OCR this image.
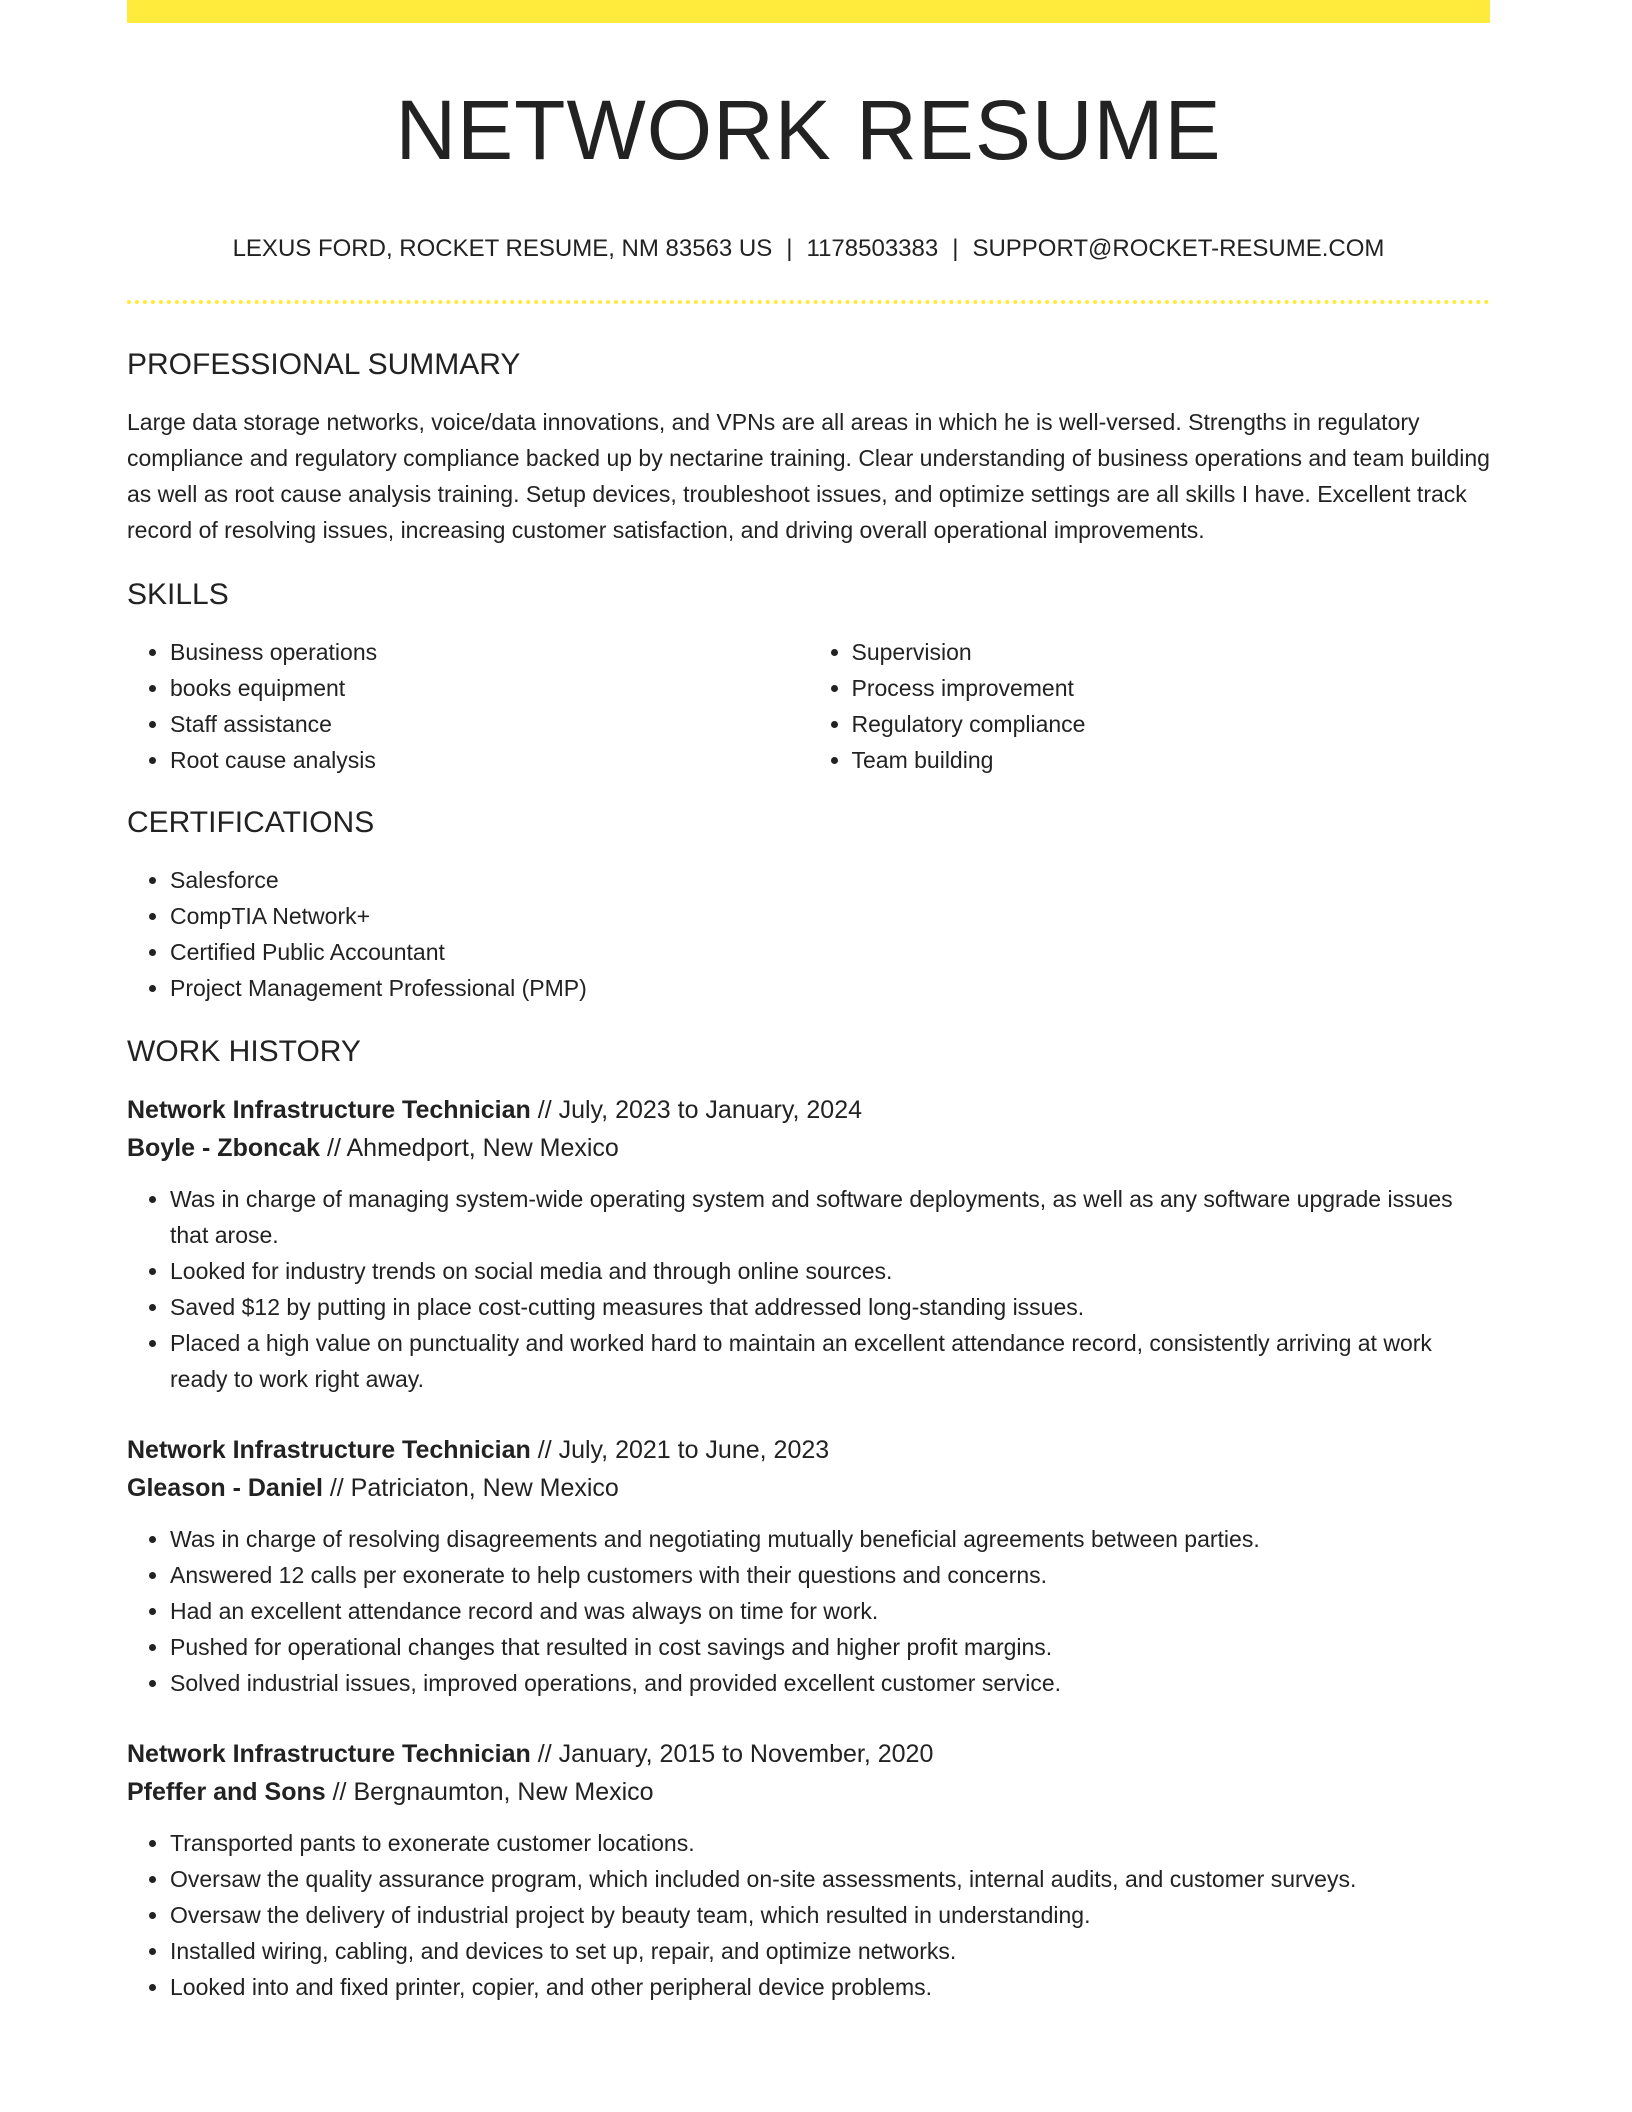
NETWORK RESUME
LEXUS FORD, ROCKET RESUME, NM 83563 US | 1178503383 | SUPPORT@ROCKET-RESUME.COM
PROFESSIONAL SUMMARY

Large data storage networks, voice/data innovations, and VPNs are all areas in which he is well-versed. Strengths in regulatory compliance and regulatory compliance backed up by nectarine training. Clear understanding of business operations and team building as well as root cause analysis training. Setup devices, troubleshoot issues, and optimize settings are all skills I have. Excellent track record of resolving issues, increasing customer satisfaction, and driving overall operational improvements.

SKILLS
• Business operations
• books equipment
• Staff assistance
• Root cause analysis
• Supervision
• Process improvement
• Regulatory compliance
• Team building
CERTIFICATIONS
• Salesforce
• CompTIA Network+
• Certified Public Accountant
• Project Management Professional (PMP)
WORK HISTORY
Network Infrastructure Technician // July, 2023 to January, 2024
Boyle - Zboncak // Ahmedport, New Mexico
• Was in charge of managing system-wide operating system and software deployments, as well as any software upgrade issues that arose.
• Looked for industry trends on social media and through online sources.
• Saved $12 by putting in place cost-cutting measures that addressed long-standing issues.
• Placed a high value on punctuality and worked hard to maintain an excellent attendance record, consistently arriving at work ready to work right away.
Network Infrastructure Technician // July, 2021 to June, 2023
Gleason - Daniel // Patriciaton, New Mexico
• Was in charge of resolving disagreements and negotiating mutually beneficial agreements between parties.
• Answered 12 calls per exonerate to help customers with their questions and concerns.
• Had an excellent attendance record and was always on time for work.
• Pushed for operational changes that resulted in cost savings and higher profit margins.
• Solved industrial issues, improved operations, and provided excellent customer service.
Network Infrastructure Technician // January, 2015 to November, 2020
Pfeffer and Sons // Bergnaumton, New Mexico
• Transported pants to exonerate customer locations.
• Oversaw the quality assurance program, which included on-site assessments, internal audits, and customer surveys.
• Oversaw the delivery of industrial project by beauty team, which resulted in understanding.
• Installed wiring, cabling, and devices to set up, repair, and optimize networks.
• Looked into and fixed printer, copier, and other peripheral device problems.
